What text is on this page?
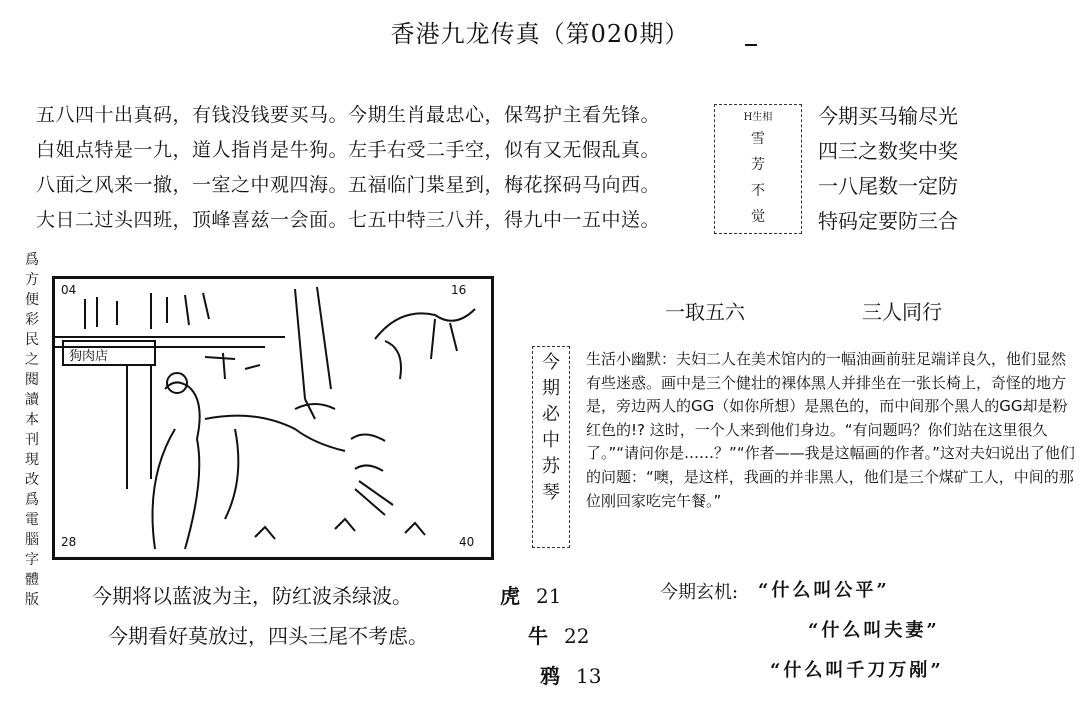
香港九龙传真（第020期）
五八四十出真码，有钱没钱要买马。今期生肖最忠心，保驾护主看先锋。
白姐点特是一九，道人指肖是牛狗。左手右受二手空，似有又无假乱真。
八面之风来一撤，一室之中观四海。五福临门枼星到，梅花探码马向西。
大日二过头四班，顶峰喜兹一会面。七五中特三八并，得九中一五中送。
H生相
雪
芳
不
觉
今期买马输尽光
四三之数奖中奖
一八尾数一定防
特码定要防三合
爲
方
便
彩
民
之
閱
讀
本
刊
現
改
爲
電
腦
字
體
版
04	16
28	40
狗肉店
一取五六	三人同行
今
期
必
中
苏
琴

生活小幽默：夫妇二人在美术馆内的一幅油画前驻足端详良久，他们显然有些迷惑。画中是三个健壮的裸体黑人并排坐在一张长椅上，奇怪的地方是，旁边两人的GG（如你所想）是黑色的，而中间那个黑人的GG却是粉红色的!? 这时，一个人来到他们身边。“有问题吗？你们站在这里很久了。”“请问你是……？”“作者——我是这幅画的作者。”这对夫妇说出了他们的问题：“噢，是这样，我画的并非黑人，他们是三个煤矿工人，中间的那位刚回家吃完午餐。”

今期将以蓝波为主，防红波杀绿波。
今期看好莫放过，四头三尾不考虑。
虎 21
牛 22
鸦 13
今期玄机: “什么叫公平”
“什么叫夫妻”
“什么叫千刀万剐”
